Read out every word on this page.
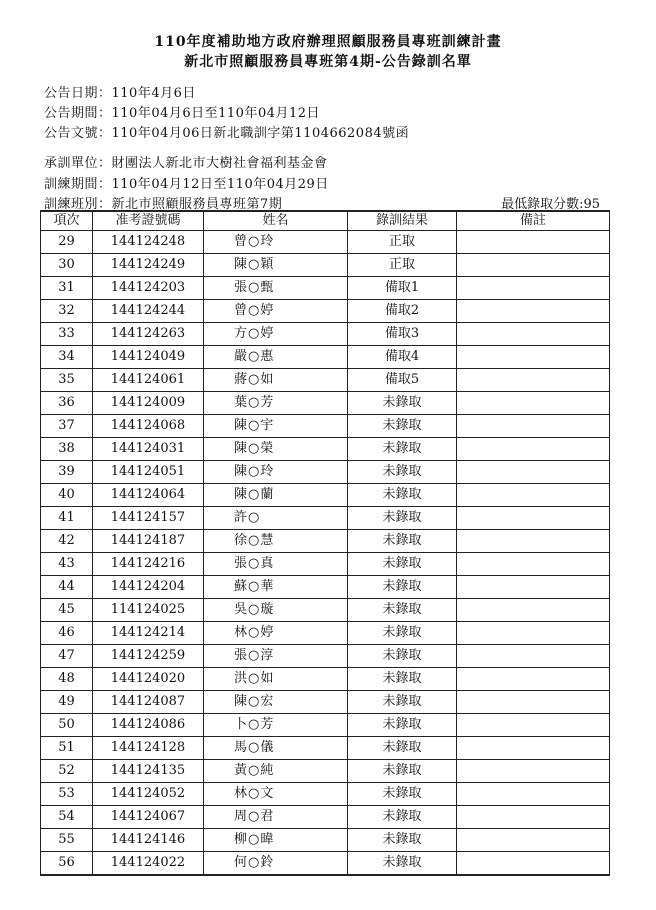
110年度補助地方政府辦理照顧服務員專班訓練計畫
新北市照顧服務員專班第4期-公告錄訓名單
公告日期：110年4月6日
公告期間：110年04月6日至110年04月12日
公告文號：110年04月06日新北職訓字第1104662084號函
承訓單位：財團法人新北市大樹社會福利基金會
訓練期間：110年04月12日至110年04月29日
訓練班別：新北市照顧服務員專班第7期	最低錄取分數:95
項次	准考證號碼	姓名	錄訓結果	備註
29	144124248	曾○玲	正取	
30	144124249	陳○穎	正取	
31	144124203	張○甄	備取1	
32	144124244	曾○婷	備取2	
33	144124263	方○婷	備取3	
34	144124049	嚴○惠	備取4	
35	144124061	蔣○如	備取5	
36	144124009	葉○芳	未錄取	
37	144124068	陳○宇	未錄取	
38	144124031	陳○榮	未錄取	
39	144124051	陳○玲	未錄取	
40	144124064	陳○蘭	未錄取	
41	144124157	許○	未錄取	
42	144124187	徐○慧	未錄取	
43	144124216	張○真	未錄取	
44	144124204	蘇○華	未錄取	
45	114124025	吳○璇	未錄取	
46	144124214	林○婷	未錄取	
47	144124259	張○淳	未錄取	
48	144124020	洪○如	未錄取	
49	144124087	陳○宏	未錄取	
50	144124086	卜○芳	未錄取	
51	144124128	馬○儀	未錄取	
52	144124135	黃○純	未錄取	
53	144124052	林○文	未錄取	
54	144124067	周○君	未錄取	
55	144124146	柳○暐	未錄取	
56	144124022	何○鈴	未錄取	
